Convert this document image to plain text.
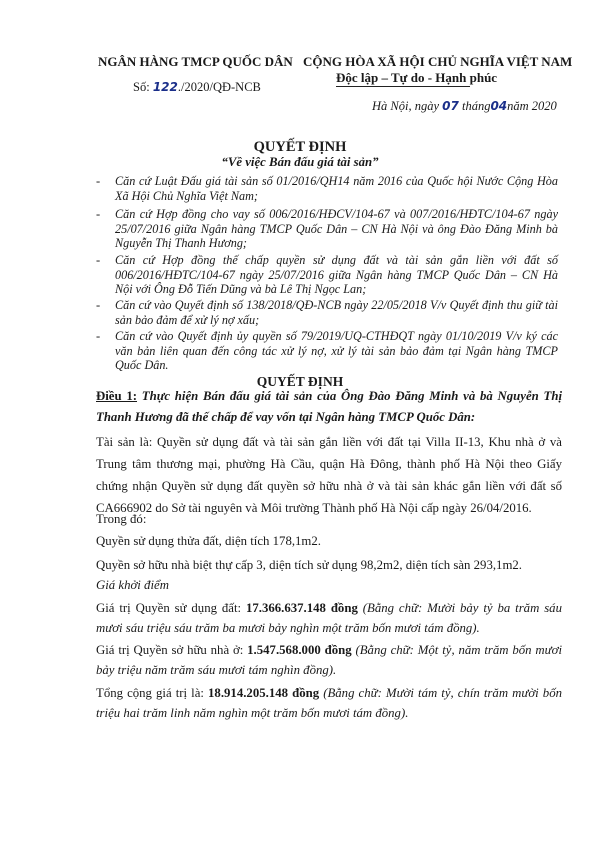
NGÂN HÀNG TMCP QUỐC DÂN CỘNG HÒA XÃ HỘI CHỦ NGHĨA VIỆT NAM
Độc lập – Tự do - Hạnh phúc
Số: 122./2020/QĐ-NCB
Hà Nội, ngày 07 tháng04năm 2020
QUYẾT ĐỊNH
“Về việc Bán đấu giá tài sản”
- Căn cứ Luật Đấu giá tài sản số 01/2016/QH14 năm 2016 của Quốc hội Nước Cộng Hòa Xã Hội Chủ Nghĩa Việt Nam;
- Căn cứ Hợp đồng cho vay số 006/2016/HĐCV/104-67 và 007/2016/HĐTC/104-67 ngày 25/07/2016 giữa Ngân hàng TMCP Quốc Dân – CN Hà Nội và ông Đào Đăng Minh bà Nguyễn Thị Thanh Hương;
- Căn cứ Hợp đồng thế chấp quyền sử dụng đất và tài sản gắn liền với đất số 006/2016/HĐTC/104-67 ngày 25/07/2016 giữa Ngân hàng TMCP Quốc Dân – CN Hà Nội với Ông Đỗ Tiến Dũng và bà Lê Thị Ngọc Lan;
- Căn cứ vào Quyết định số 138/2018/QĐ-NCB ngày 22/05/2018 V/v Quyết định thu giữ tài sản bảo đảm để xử lý nợ xấu;
- Căn cứ vào Quyết định ủy quyền số 79/2019/UQ-CTHĐQT ngày 01/10/2019 V/v ký các văn bản liên quan đến công tác xử lý nợ, xử lý tài sản bảo đảm tại Ngân hàng TMCP Quốc Dân.
QUYẾT ĐỊNH
Điều 1: Thực hiện Bán đấu giá tài sản của Ông Đào Đăng Minh và bà Nguyễn Thị Thanh Hương đã thế chấp để vay vốn tại Ngân hàng TMCP Quốc Dân:
Tài sản là: Quyền sử dụng đất và tài sản gắn liền với đất tại Villa II-13, Khu nhà ở và Trung tâm thương mại, phường Hà Cầu, quận Hà Đông, thành phố Hà Nội theo Giấy chứng nhận Quyền sử dụng đất quyền sở hữu nhà ở và tài sản khác gắn liền với đất số CA666902 do Sở tài nguyên và Môi trường Thành phố Hà Nội cấp ngày 26/04/2016.
Trong đó:
Quyền sử dụng thửa đất, diện tích 178,1m2.
Quyền sở hữu nhà biệt thự cấp 3, diện tích sử dụng 98,2m2, diện tích sàn 293,1m2.
Giá khởi điểm
Giá trị Quyền sử dụng đất: 17.366.637.148 đồng (Bằng chữ: Mười bảy tỷ ba trăm sáu mươi sáu triệu sáu trăm ba mươi bảy nghìn một trăm bốn mươi tám đồng).
Giá trị Quyền sở hữu nhà ở: 1.547.568.000 đồng (Bằng chữ: Một tỷ, năm trăm bốn mươi bảy triệu năm trăm sáu mươi tám nghìn đồng).
Tổng cộng giá trị là: 18.914.205.148 đồng (Bằng chữ: Mười tám tỷ, chín trăm mười bốn triệu hai trăm linh năm nghìn một trăm bốn mươi tám đồng).
